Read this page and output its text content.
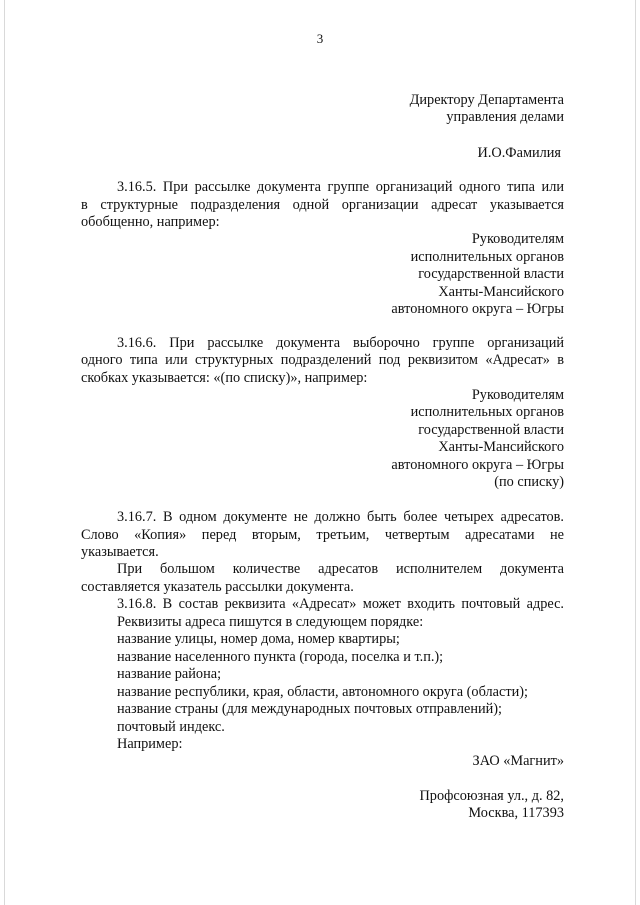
3
Директору Департамента
управления делами
И.О.Фамилия
3.16.5. При рассылке документа группе организаций одного типа или
в структурные подразделения одной организации адресат указывается
обобщенно, например:
Руководителям
исполнительных органов
государственной власти
Ханты-Мансийского
автономного округа – Югры
3.16.6. При рассылке документа выборочно группе организаций
одного типа или структурных подразделений под реквизитом «Адресат» в
скобках указывается: «(по списку)», например:
Руководителям
исполнительных органов
государственной власти
Ханты-Мансийского
автономного округа – Югры
(по списку)
3.16.7. В одном документе не должно быть более четырех адресатов.
Слово «Копия» перед вторым, третьим, четвертым адресатами не
указывается.
При большом количестве адресатов исполнителем документа
составляется указатель рассылки документа.
3.16.8. В состав реквизита «Адресат» может входить почтовый адрес.
Реквизиты адреса пишутся в следующем порядке:
название улицы, номер дома, номер квартиры;
название населенного пункта (города, поселка и т.п.);
название района;
название республики, края, области, автономного округа (области);
название страны (для международных почтовых отправлений);
почтовый индекс.
Например:
ЗАО «Магнит»
Профсоюзная ул., д. 82,
Москва, 117393
